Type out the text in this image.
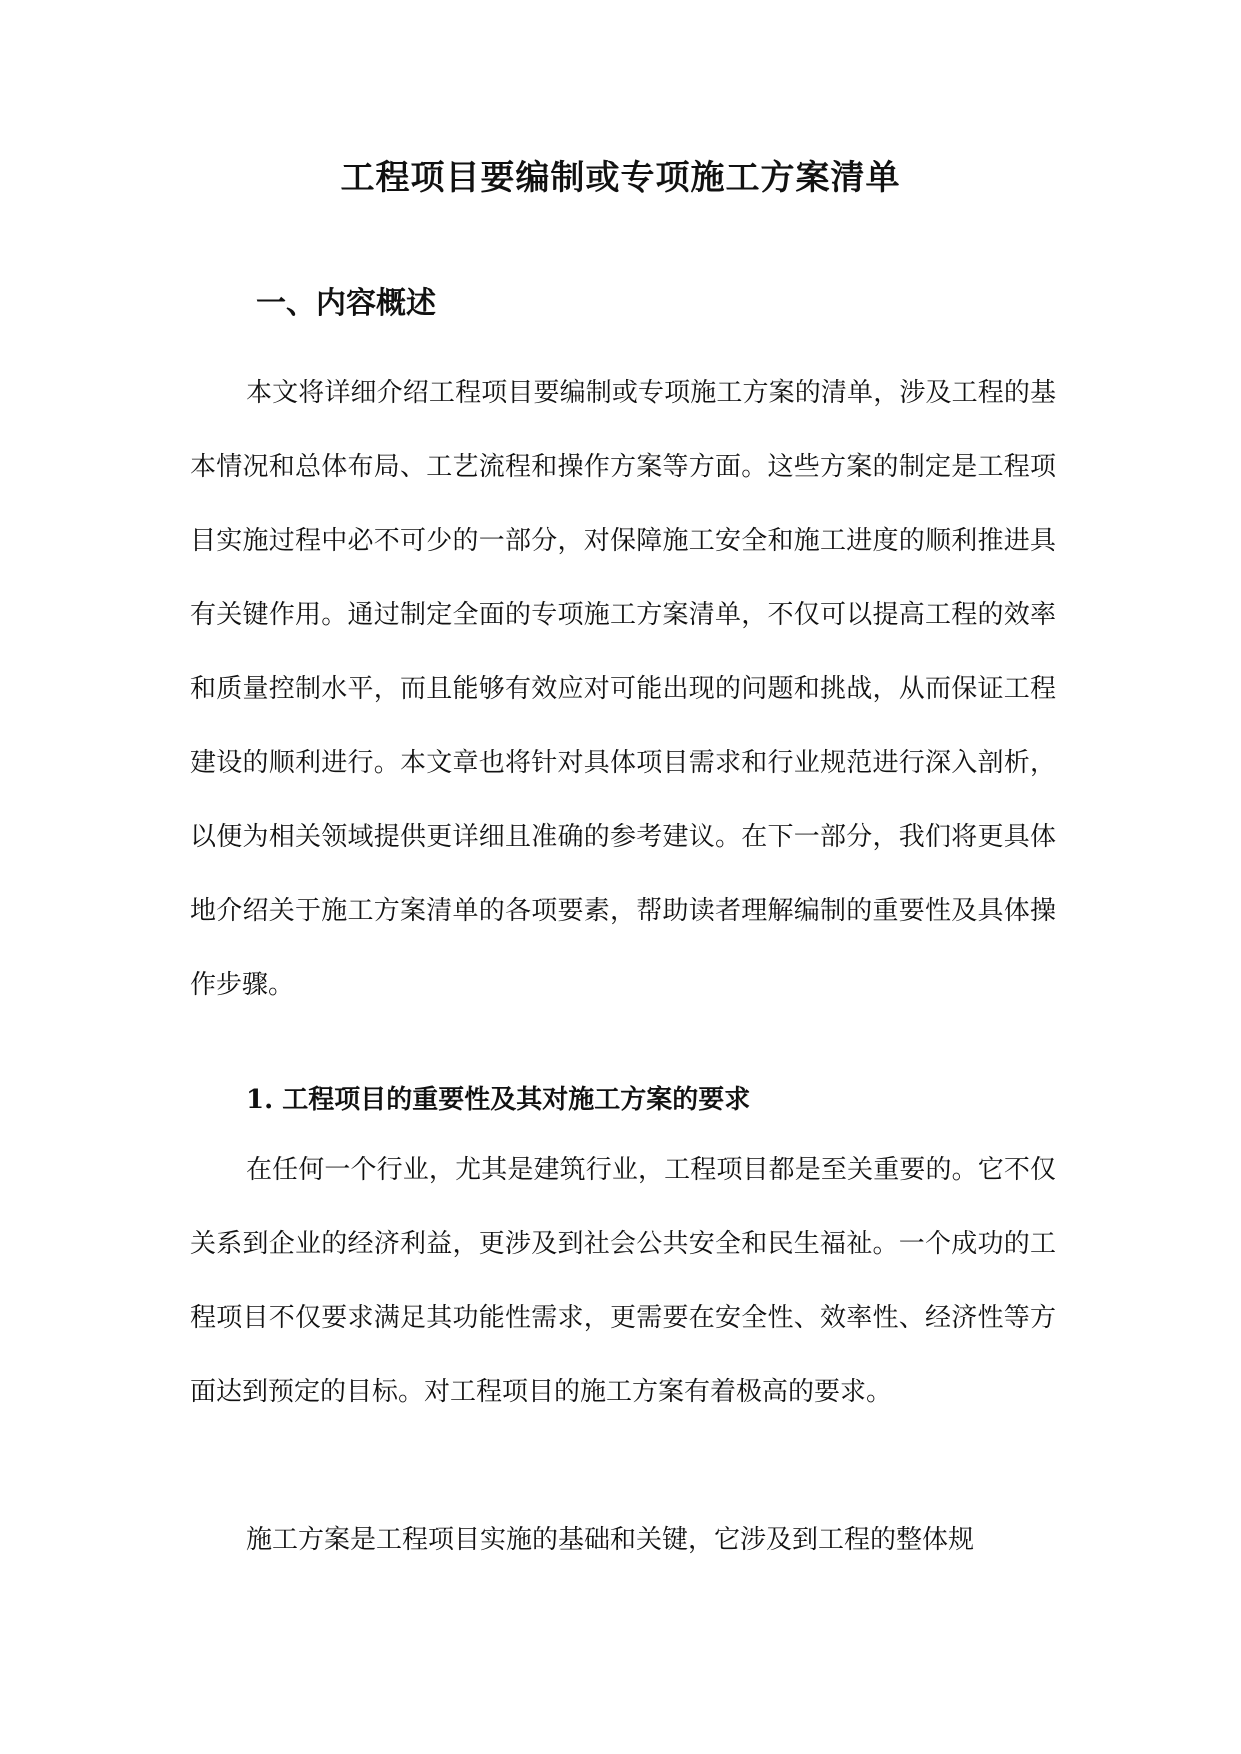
工程项目要编制或专项施工方案清单
一、内容概述

本文将详细介绍工程项目要编制或专项施工方案的清单，涉及工程的基本情况和总体布局、工艺流程和操作方案等方面。这些方案的制定是工程项目实施过程中必不可少的一部分，对保障施工安全和施工进度的顺利推进具有关键作用。通过制定全面的专项施工方案清单，不仅可以提高工程的效率和质量控制水平，而且能够有效应对可能出现的问题和挑战，从而保证工程建设的顺利进行。本文章也将针对具体项目需求和行业规范进行深入剖析，以便为相关领域提供更详细且准确的参考建议。在下一部分，我们将更具体地介绍关于施工方案清单的各项要素，帮助读者理解编制的重要性及具体操作步骤。

1. 工程项目的重要性及其对施工方案的要求

在任何一个行业，尤其是建筑行业，工程项目都是至关重要的。它不仅关系到企业的经济利益，更涉及到社会公共安全和民生福祉。一个成功的工程项目不仅要求满足其功能性需求，更需要在安全性、效率性、经济性等方面达到预定的目标。对工程项目的施工方案有着极高的要求。

施工方案是工程项目实施的基础和关键，它涉及到工程的整体规
